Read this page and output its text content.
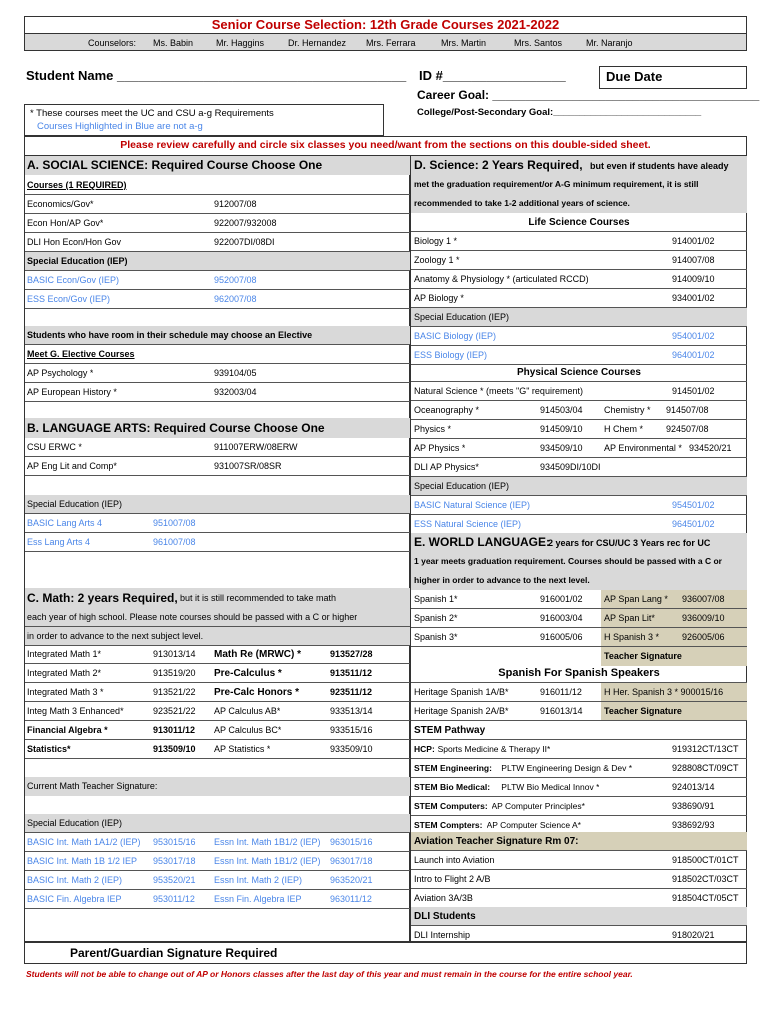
Senior Course Selection: 12th Grade Courses 2021-2022
Counselors: Ms. Babin	Mr. Haggins	Dr. Hernandez Mrs. Ferrara	Mrs. Martin	Mrs. Santos	Mr. Naranjo
Student Name ________________________________________ ID #_________________	Due Date
Career Goal: ________________________________________
College/Post-Secondary Goal:____________________________
* These courses meet the UC and CSU a-g Requirements
Courses Highlighted in Blue are not a-g
Please review carefully and circle six classes you need/want from the sections on this double-sided sheet.
A. SOCIAL SCIENCE: Required Course Choose One
Courses (1 REQUIRED)
Economics/Gov*	912007/08
Econ Hon/AP Gov*	922007/932008
DLI Hon Econ/Hon Gov	922007DI/08DI
Special Education (IEP)
BASIC Econ/Gov (IEP)	952007/08
ESS Econ/Gov (IEP)	962007/08
Students who have room in their schedule may choose an Elective
Meet G. Elective Courses
AP Psychology *	939104/05
AP European History *	932003/04
B. LANGUAGE ARTS: Required Course Choose One
CSU ERWC *	911007ERW/08ERW
AP Eng Lit and Comp*	931007SR/08SR
Special Education (IEP)
BASIC Lang Arts 4	951007/08
Ess Lang Arts 4	961007/08
C. Math: 2 years Required, but it is still recommended to take math
each year of high school. Please note courses should be passed with a C or higher
in order to advance to the next subject level.
Integrated Math 1*	913013/14 Math Re (MRWC) *	913527/28
Integrated Math 2*	913519/20 Pre-Calculus *	913511/12
Integrated Math 3 *	913521/22 Pre-Calc Honors *	923511/12
Integ Math 3 Enhanced*	923521/22 AP Calculus AB*	933513/14
Financial Algebra *	913011/12 AP Calculus BC*	933515/16
Statistics*	913509/10 AP Statistics *	933509/10
Current Math Teacher Signature:
Special Education (IEP)
BASIC Int. Math 1A1/2 (IEP) 953015/16 Essn Int. Math 1B1/2 (IEP) 963015/16
BASIC Int. Math 1B 1/2 IEP 953017/18 Essn Int. Math 1B1/2 (IEP) 963017/18
BASIC Int. Math 2 (IEP)	953520/21 Essn Int. Math 2 (IEP)	963520/21
BASIC Fin. Algebra IEP	953011/12 Essn Fin. Algebra IEP	963011/12
D. Science: 2 Years Required, but even if students have aleady
met the graduation requirement/or A-G minimum requirement, it is still
recommended to take 1-2 additional years of science.
Life Science Courses
Biology 1 *	914001/02
Zoology 1 *	914007/08
Anatomy & Physiology * (articulated RCCD)	914009/10
AP Biology *	934001/02
Special Education (IEP)
BASIC Biology (IEP)	954001/02
ESS Biology (IEP)	964001/02
Physical Science Courses
Natural Science * (meets "G" requirement)	914501/02
Oceanography *	914503/04 Chemistry * 914507/08
Physics *	914509/10 H Chem *	924507/08
AP Physics *	934509/10 AP Environmental * 934520/21
DLI AP Physics*	934509DI/10DI
Special Education (IEP)
BASIC Natural Science (IEP)	954501/02
ESS Natural Science (IEP)	964501/02
E. WORLD LANGUAGE:
2 years for CSU/UC 3 Years rec for UC
1 year meets graduation requirement. Courses should be passed with a C or
higher in order to advance to the next level.
Spanish 1*	916001/02 AP Span Lang * 936007/08
Spanish 2*	916003/04 AP Span Lit*	936009/10
Spanish 3*	916005/06 H Spanish 3 *	926005/06
Teacher Signature
Spanish For Spanish Speakers
Heritage Spanish 1A/B*	916011/12 H Her. Spanish 3 * 900015/16
Heritage Spanish 2A/B*	916013/14 Teacher Signature
STEM Pathway
HCP: Sports Medicine & Therapy II*	919312CT/13CT
STEM Engineering: PLTW Engineering Design & Dev *	928808CT/09CT
STEM Bio Medical: PLTW Bio Medical Innov *	924013/14
STEM Computers: AP Computer Principles*	938690/91
STEM Compters: AP Computer Science A*	938692/93
Aviation Teacher Signature Rm 07:
Launch into Aviation	918500CT/01CT
Intro to Flight 2 A/B	918502CT/03CT
Aviation 3A/3B	918504CT/05CT
DLI Students
DLI Internship	918020/21
Parent/Guardian Signature Required
Students will not be able to change out of AP or Honors classes after the last day of this year and must remain in the course for the entire school year.
